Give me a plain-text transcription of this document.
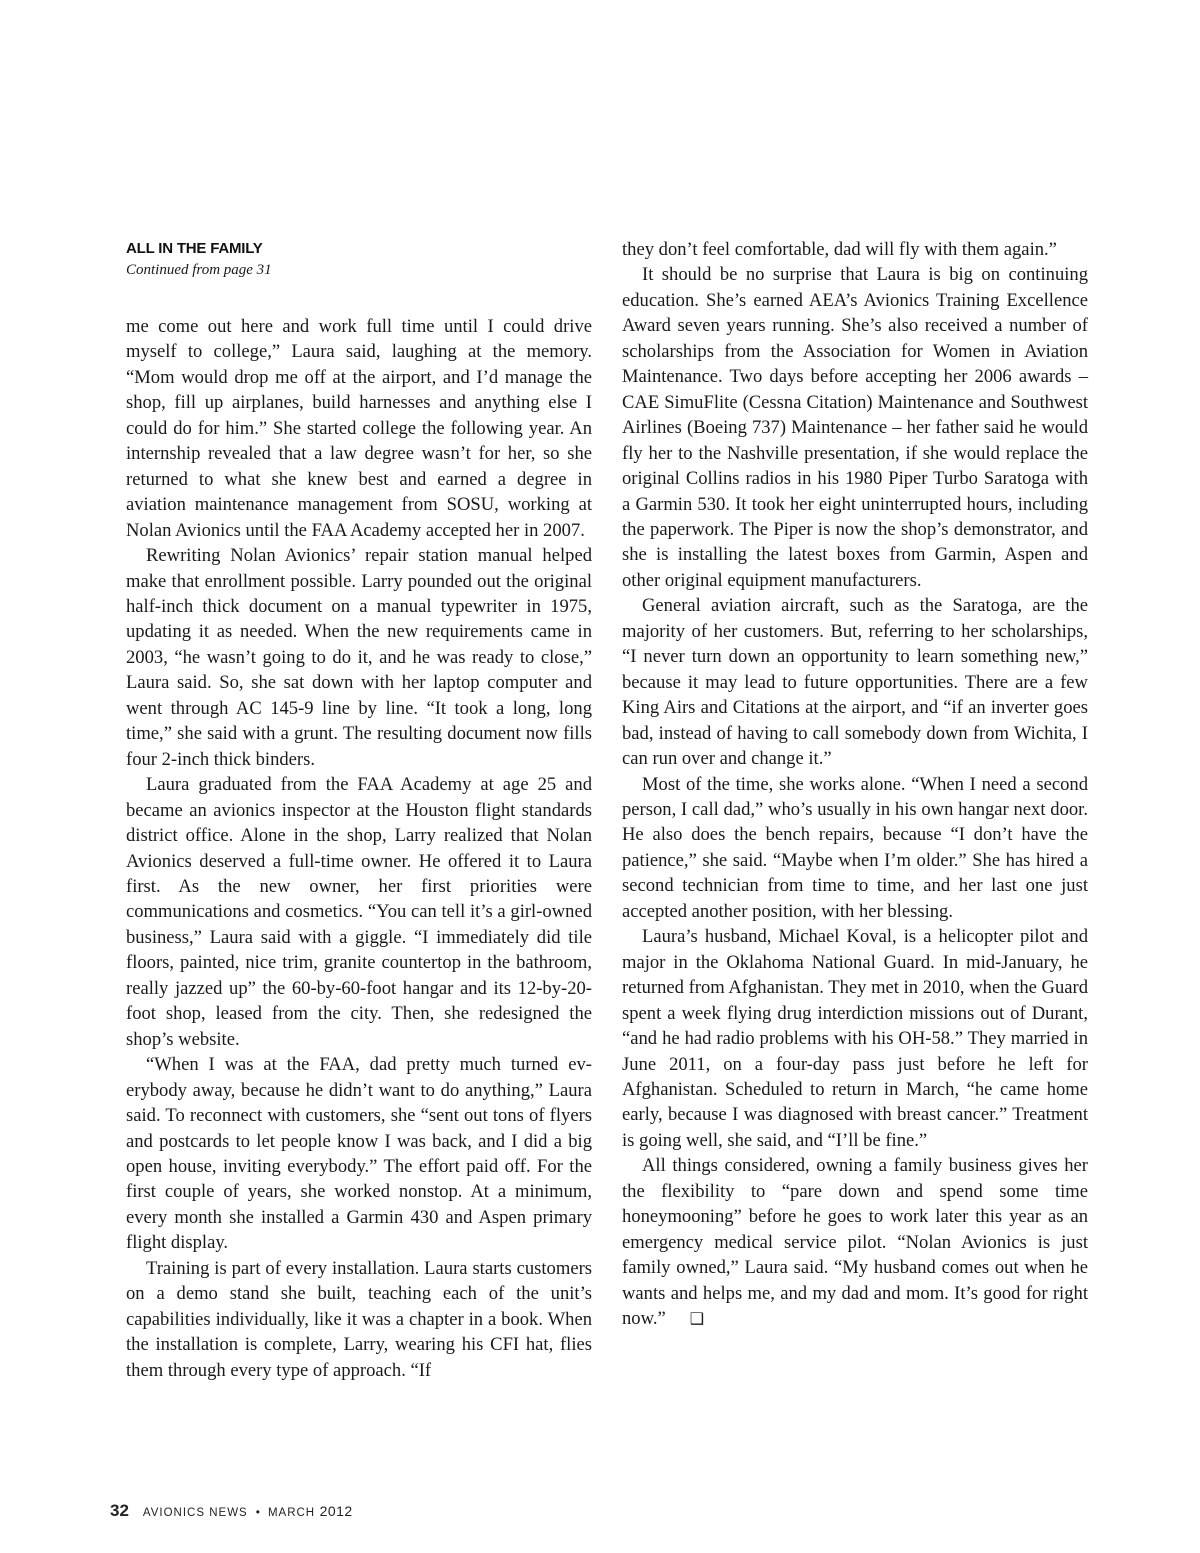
ALL IN THE FAMILY
Continued from page 31

me come out here and work full time until I could drive myself to college,” Laura said, laughing at the memory. “Mom would drop me off at the airport, and I’d manage the shop, fill up airplanes, build harnesses and anything else I could do for him.” She started college the following year. An internship revealed that a law degree wasn’t for her, so she returned to what she knew best and earned a degree in aviation maintenance management from SOSU, working at Nolan Avionics until the FAA Academy accepted her in 2007.

Rewriting Nolan Avionics’ repair station manual helped make that enrollment possible. Larry pounded out the original half-inch thick document on a manual typewriter in 1975, updating it as needed. When the new requirements came in 2003, “he wasn’t going to do it, and he was ready to close,” Laura said. So, she sat down with her laptop computer and went through AC 145-9 line by line. “It took a long, long time,” she said with a grunt. The resulting document now fills four 2-inch thick binders.

Laura graduated from the FAA Academy at age 25 and became an avionics inspector at the Houston flight standards district office. Alone in the shop, Larry realized that Nolan Avionics deserved a full-time owner. He offered it to Laura first. As the new owner, her first priorities were communications and cosmetics. “You can tell it’s a girl-owned business,” Laura said with a giggle. “I immediately did tile floors, painted, nice trim, granite countertop in the bathroom, really jazzed up” the 60-by-60-foot hangar and its 12-by-20-foot shop, leased from the city. Then, she redesigned the shop’s website.

“When I was at the FAA, dad pretty much turned everybody away, because he didn’t want to do anything,” Laura said. To reconnect with customers, she “sent out tons of flyers and postcards to let people know I was back, and I did a big open house, inviting everybody.” The effort paid off. For the first couple of years, she worked nonstop. At a minimum, every month she installed a Garmin 430 and Aspen primary flight display.

Training is part of every installation. Laura starts customers on a demo stand she built, teaching each of the unit’s capabilities individually, like it was a chapter in a book. When the installation is complete, Larry, wearing his CFI hat, flies them through every type of approach. “If

they don’t feel comfortable, dad will fly with them again.”

It should be no surprise that Laura is big on continuing education. She’s earned AEA’s Avionics Training Excellence Award seven years running. She’s also received a number of scholarships from the Association for Women in Aviation Maintenance. Two days before accepting her 2006 awards – CAE SimuFlite (Cessna Citation) Maintenance and Southwest Airlines (Boeing 737) Maintenance – her father said he would fly her to the Nashville presentation, if she would replace the original Collins radios in his 1980 Piper Turbo Saratoga with a Garmin 530. It took her eight uninterrupted hours, including the paperwork. The Piper is now the shop’s demonstrator, and she is installing the latest boxes from Garmin, Aspen and other original equipment manufacturers.

General aviation aircraft, such as the Saratoga, are the majority of her customers. But, referring to her scholarships, “I never turn down an opportunity to learn something new,” because it may lead to future opportunities. There are a few King Airs and Citations at the airport, and “if an inverter goes bad, instead of having to call somebody down from Wichita, I can run over and change it.”

Most of the time, she works alone. “When I need a second person, I call dad,” who’s usually in his own hangar next door. He also does the bench repairs, because “I don’t have the patience,” she said. “Maybe when I’m older.” She has hired a second technician from time to time, and her last one just accepted another position, with her blessing.

Laura’s husband, Michael Koval, is a helicopter pilot and major in the Oklahoma National Guard. In mid-January, he returned from Afghanistan. They met in 2010, when the Guard spent a week flying drug interdiction missions out of Durant, “and he had radio problems with his OH-58.” They married in June 2011, on a four-day pass just before he left for Afghanistan. Scheduled to return in March, “he came home early, because I was diagnosed with breast cancer.” Treatment is going well, she said, and “I’ll be fine.”

All things considered, owning a family business gives her the flexibility to “pare down and spend some time honeymooning” before he goes to work later this year as an emergency medical service pilot. “Nolan Avionics is just family owned,” Laura said. “My husband comes out when he wants and helps me, and my dad and mom. It’s good for right now.” ❑

32 AVIONICS NEWS • MARCH
2012
